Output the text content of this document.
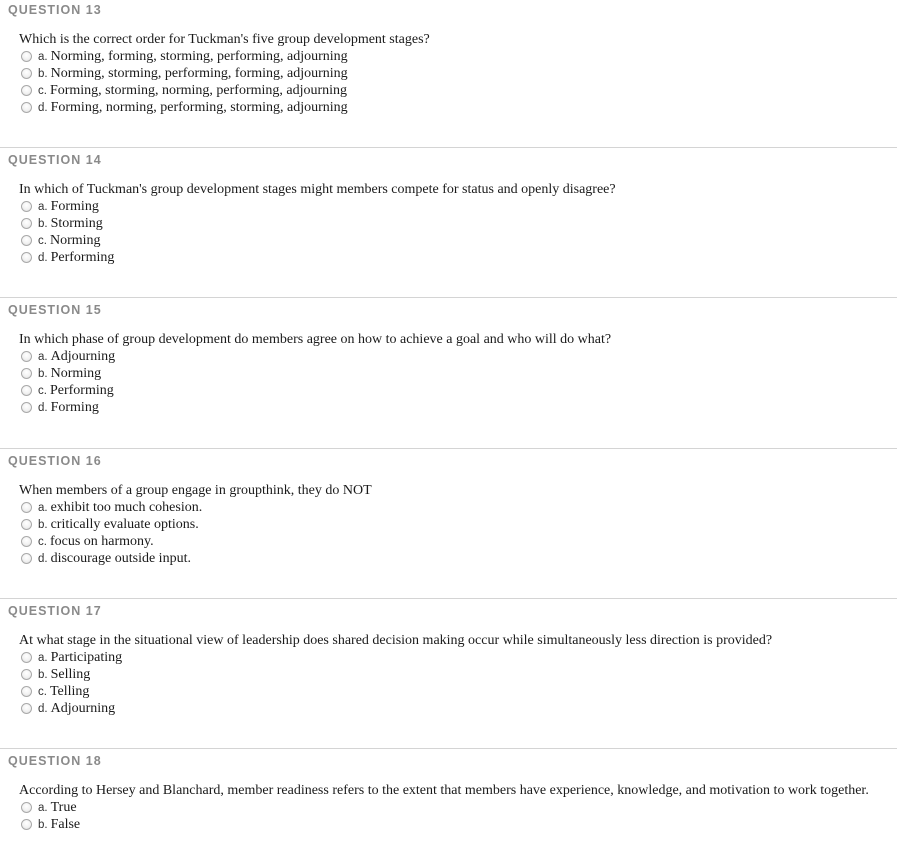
QUESTION 13
Which is the correct order for Tuckman's five group development stages?
a. Norming, forming, storming, performing, adjourning
b. Norming, storming, performing, forming, adjourning
c. Forming, storming, norming, performing, adjourning
d. Forming, norming, performing, storming, adjourning
QUESTION 14
In which of Tuckman's group development stages might members compete for status and openly disagree?
a. Forming
b. Storming
c. Norming
d. Performing
QUESTION 15
In which phase of group development do members agree on how to achieve a goal and who will do what?
a. Adjourning
b. Norming
c. Performing
d. Forming
QUESTION 16
When members of a group engage in groupthink, they do NOT
a. exhibit too much cohesion.
b. critically evaluate options.
c. focus on harmony.
d. discourage outside input.
QUESTION 17
At what stage in the situational view of leadership does shared decision making occur while simultaneously less direction is provided?
a. Participating
b. Selling
c. Telling
d. Adjourning
QUESTION 18
According to Hersey and Blanchard, member readiness refers to the extent that members have experience, knowledge, and motivation to work together.
a. True
b. False
